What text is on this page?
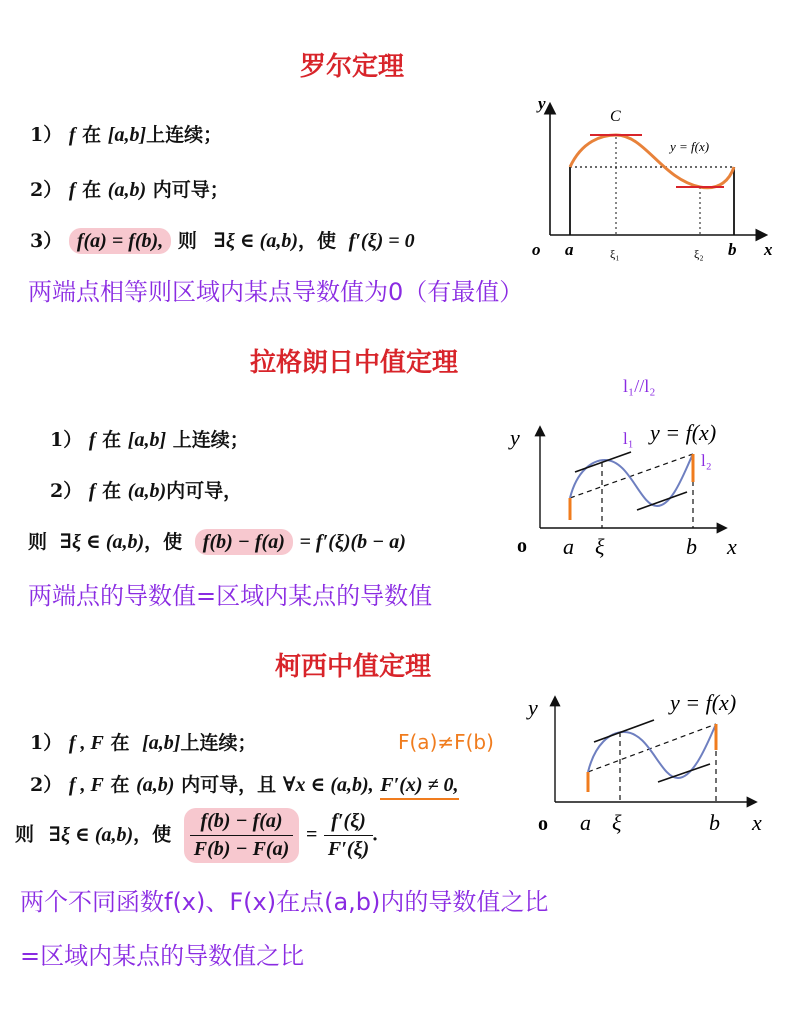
罗尔定理
1） f 在 [a,b]上连续；
2） f 在 (a,b) 内可导；
3） f(a) = f(b), 则 ∃ξ ∈ (a,b)，使 f′(ξ) = 0
两端点相等则区域内某点导数值为0（有最值）
y
x
o a	b
C
ξ₁	ξ₂
y = f(x)
拉格朗日中值定理
1） f 在 [a,b] 上连续；
2） f 在 (a,b)内可导，
则 ∃ξ ∈ (a,b)，使 f(b) − f(a) = f′(ξ)(b − a)
两端点的导数值=区域内某点的导数值
y
x
o a ξ	b
y = f(x)
l₁
l₂
l₁//l₂
柯西中值定理
1） f , F 在 [a,b]上连续；
2） f , F 在 (a,b) 内可导，且 ∀x ∈ (a,b), F′(x) ≠ 0,
则 ∃ξ ∈ (a,b)，使 $\frac{f(b) - f(a)}{F(b) - F(a)} = \frac{f'(\xi)}{F'(\xi)}$ .
F(a)≠F(b)
两个不同函数f(x)、F(x)在点(a,b)内的导数值之比
=区域内某点的导数值之比
y
x
o a ξ	b
y = f(x)
